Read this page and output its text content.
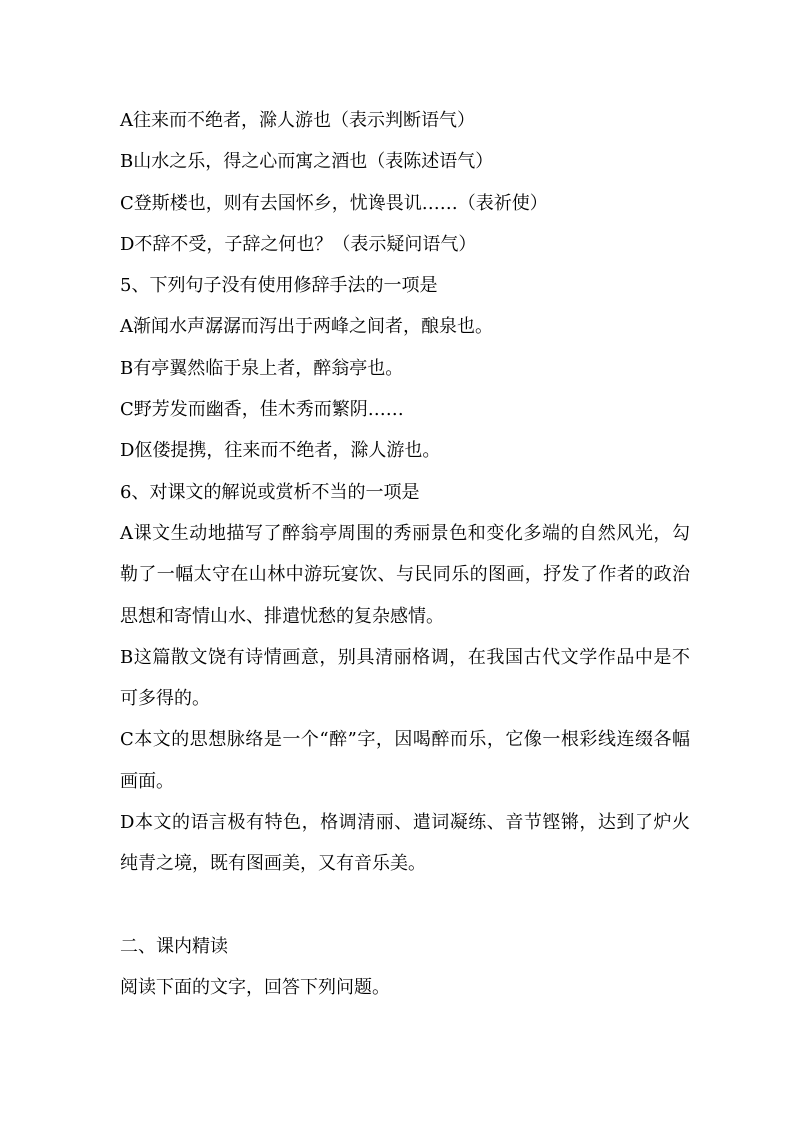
A往来而不绝者，滁人游也（表示判断语气）

B山水之乐，得之心而寓之酒也（表陈述语气）

C登斯楼也，则有去国怀乡，忧谗畏讥……（表祈使）

D不辞不受，子辞之何也？（表示疑问语气）

5、下列句子没有使用修辞手法的一项是

A渐闻水声潺潺而泻出于两峰之间者，酿泉也。

B有亭翼然临于泉上者，醉翁亭也。

C野芳发而幽香，佳木秀而繁阴……

D伛偻提携，往来而不绝者，滁人游也。

6、对课文的解说或赏析不当的一项是

A课文生动地描写了醉翁亭周围的秀丽景色和变化多端的自然风光，勾勒了一幅太守在山林中游玩宴饮、与民同乐的图画，抒发了作者的政治思想和寄情山水、排遣忧愁的复杂感情。

B这篇散文饶有诗情画意，别具清丽格调，在我国古代文学作品中是不可多得的。

C本文的思想脉络是一个“醉”字，因喝醉而乐，它像一根彩线连缀各幅画面。

D本文的语言极有特色，格调清丽、遣词凝练、音节铿锵，达到了炉火纯青之境，既有图画美，又有音乐美。

二、课内精读

阅读下面的文字，回答下列问题。
